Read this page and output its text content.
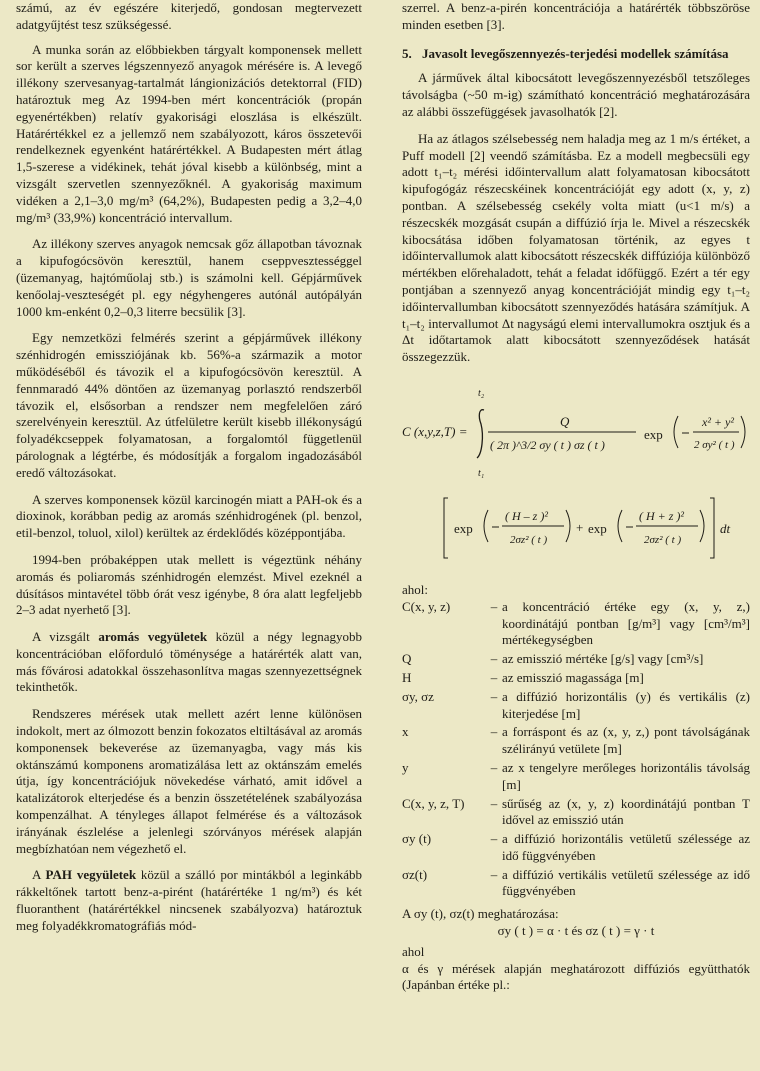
számú, az év egészére kiterjedő, gondosan megtervezett adatgyűjtést tesz szükségessé.

A munka során az előbbiekben tárgyalt komponensek mellett sor került a szerves légszennyező anyagok mérésére is. A levegő illékony szervesanyag-tartalmát lángionizációs detektorral (FID) határoztuk meg Az 1994-ben mért koncentrációk (propán egyenértékben) relatív gyakorisági eloszlása is elkészült. Határértékkel ez a jellemző nem szabályozott, káros összetevői rendelkeznek egyenként határértékkel. A Budapesten mért átlag 1,5-szerese a vidékinek, tehát jóval kisebb a különbség, mint a vizsgált szervetlen szennyezőknél. A gyakoriság maximum vidéken a 2,1–3,0 mg/m³ (64,2%), Budapesten pedig a 3,2–4,0 mg/m³ (33,9%) koncentráció intervallum.

Az illékony szerves anyagok nemcsak gőz állapotban távoznak a kipufogócsövön keresztül, hanem cseppvesztességgel (üzemanyag, hajtóműolaj stb.) is számolni kell. Gépjárművek kenőolaj-veszteségét pl. egy négyhengeres autónál autópályán 1000 km-enként 0,2–0,3 literre becsülik [3].

Egy nemzetközi felmérés szerint a gépjárművek illékony szénhidrogén emissziójának kb. 56%-a származik a motor működéséből és távozik el a kipufogócsövön keresztül. A fennmaradó 44% döntően az üzemanyag porlasztó rendszerből távozik el, elsősorban a rendszer nem megfelelően záró szerelvényein keresztül. Az útfelületre került kisebb illékonyságú folyadékcseppek folyamatosan, a forgalomtól függetlenül párolognak a légtérbe, és módosítják a forgalom ingadozásából eredő változásokat.

A szerves komponensek közül karcinogén miatt a PAH-ok és a dioxinok, korábban pedig az aromás szénhidrogének (pl. benzol, etil-benzol, toluol, xilol) kerültek az érdeklődés középpontjába.

1994-ben próbaképpen utak mellett is végeztünk néhány aromás és poliaromás szénhidrogén elemzést. Mivel ezeknél a dúsításos mintavétel több órát vesz igénybe, 8 óra alatt legfeljebb 2–3 adat nyerhető [3].

A vizsgált aromás vegyületek közül a négy legnagyobb koncentrációban előforduló töménysége a határérték alatt van, más fővárosi adatokkal összehasonlítva magas szennyezettségnek tekinthetők.

Rendszeres mérések utak mellett azért lenne különösen indokolt, mert az ólmozott benzin fokozatos eltiltásával az aromás komponensek bekeverése az üzemanyagba, vagy más kis oktánszámú komponens aromatizálása lett az oktánszám emelés útja, így koncentrációjuk növekedése várható, amit idővel a katalizátorok elterjedése és a benzin összetételének szabályozása kompenzálhat. A tényleges állapot felmérése és a változások irányának észlelése a jelenlegi szórványos mérések alapján megbízhatóan nem végezhető el.

A PAH vegyületek közül a szálló por mintákból a leginkább rákkeltőnek tartott benz-a-pirént (határértéke 1 ng/m³) és két fluoranthent (határértékkel nincsenek szabályozva) határoztuk meg folyadékkromatográfiás mód-

szerrel. A benz-a-pirén koncentrációja a határérték többszöröse minden esetben [3].

5. Javasolt levegőszennyezés-terjedési modellek számítása

A járművek által kibocsátott levegőszennyezésből tetszőleges távolságba (~50 m-ig) számítható koncentráció meghatározására az alábbi összefüggések javasolhatók [2].

Ha az átlagos szélsebesség nem haladja meg az 1 m/s értéket, a Puff modell [2] veendő számításba. Ez a modell megbecsüli egy adott t₁–t₂ mérési időintervallum alatt folyamatosan kibocsátott kipufogógáz részecskéinek koncentrációját egy adott (x, y, z) pontban. A szélsebesség csekély volta miatt (u<1 m/s) a részecskék mozgását csupán a diffúzió írja le. Mivel a részecskék kibocsátása időben folyamatosan történik, az egyes t időintervallumok alatt kibocsátott részecskék diffúziója különböző mértékben előrehaladott, tehát a feladat időfüggő. Ezért a tér egy pontjában a szennyező anyag koncentrációját mindig egy t₁–t₂ időintervallumban kibocsátott szennyeződés hatására számítjuk. A t₁–t₂ intervallumot Δt nagyságú elemi intervallumokra osztjuk és a Δt időtartamok alatt kibocsátott szennyeződések hatását összegezzük.

C (x,y,z,T) =
t₂
t₁
Q
( 2π )^3/2 σy ( t ) σz ( t )
exp
x² + y²
2 σy² ( t )
exp
( H – z )²
2σz² ( t )
+ exp
( H + z )²
2σz² ( t )
dt
ahol:
C(x, y, z)	– a koncentráció értéke egy (x, y, z,) koordinátájú pontban [g/m³] vagy [cm³/m³] mértékegységben
Q	– az emisszió mértéke [g/s] vagy [cm³/s]
H	– az emisszió magassága [m]
σy, σz	– a diffúzió horizontális (y) és vertikális (z) kiterjedése [m]
x	– a forráspont és az (x, y, z,) pont távolságának szélirányú vetülete [m]
y	– az x tengelyre merőleges horizontális távolság [m]
C(x, y, z, T)	– sűrűség az (x, y, z) koordinátájú pontban T idővel az emisszió után
σy (t)	– a diffúzió horizontális vetületű szélessége az idő függvényében
σz(t)	– a diffúzió vertikális vetületű szélessége az idő függvényében
A σy (t), σz(t) meghatározása:
σy ( t ) = α · t és σz ( t ) = γ · t
ahol

α és γ mérések alapján meghatározott diffúziós együtthatók (Japánban értéke pl.:
